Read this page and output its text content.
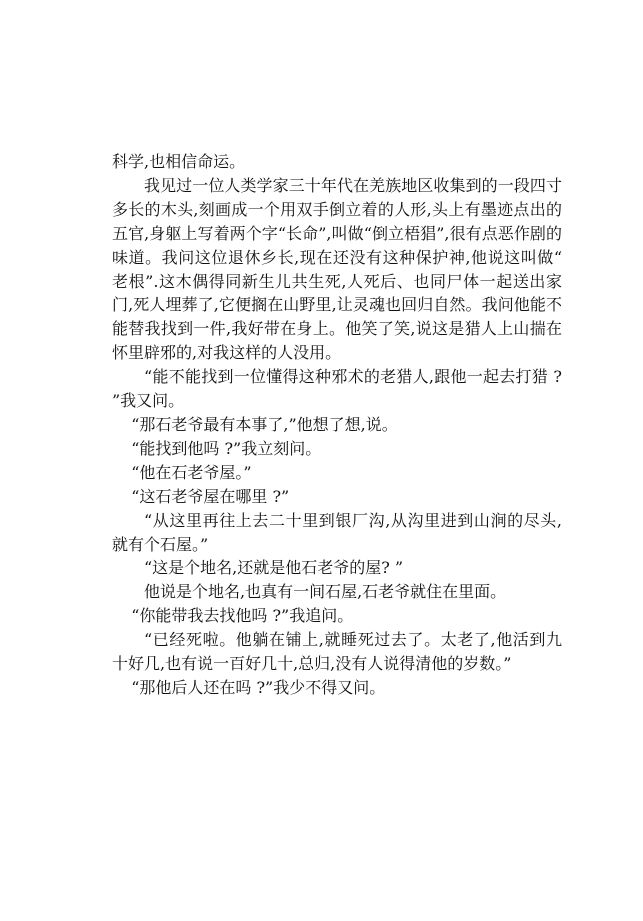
科学,也相信命运。

我见过一位人类学家三十年代在羌族地区收集到的一段四寸多长的木头,刻画成一个用双手倒立着的人形,头上有墨迹点出的五官,身躯上写着两个字“长命”,叫做“倒立梧猖”,很有点恶作剧的味道。我问这位退休乡长,现在还没有这种保护神,他说这叫做“老根”.这木偶得同新生儿共生死,人死后、也同尸体一起送出家门,死人埋葬了,它便搁在山野里,让灵魂也回归自然。我问他能不能替我找到一件,我好带在身上。他笑了笑,说这是猎人上山揣在怀里辟邪的,对我这样的人没用。

“能不能找到一位懂得这种邪术的老猎人,跟他一起去打猎 ?”我又问。

“那石老爷最有本事了,”他想了想,说。

“能找到他吗 ?”我立刻问。

“他在石老爷屋。”

“这石老爷屋在哪里 ?”

“从这里再往上去二十里到银厂沟,从沟里进到山涧的尽头,就有个石屋。”

“这是个地名,还就是他石老爷的屋? ”

他说是个地名,也真有一间石屋,石老爷就住在里面。

“你能带我去找他吗 ?”我追问。

“已经死啦。他躺在铺上,就睡死过去了。太老了,他活到九十好几,也有说一百好几十,总归,没有人说得清他的岁数。”

“那他后人还在吗 ?”我少不得又问。
